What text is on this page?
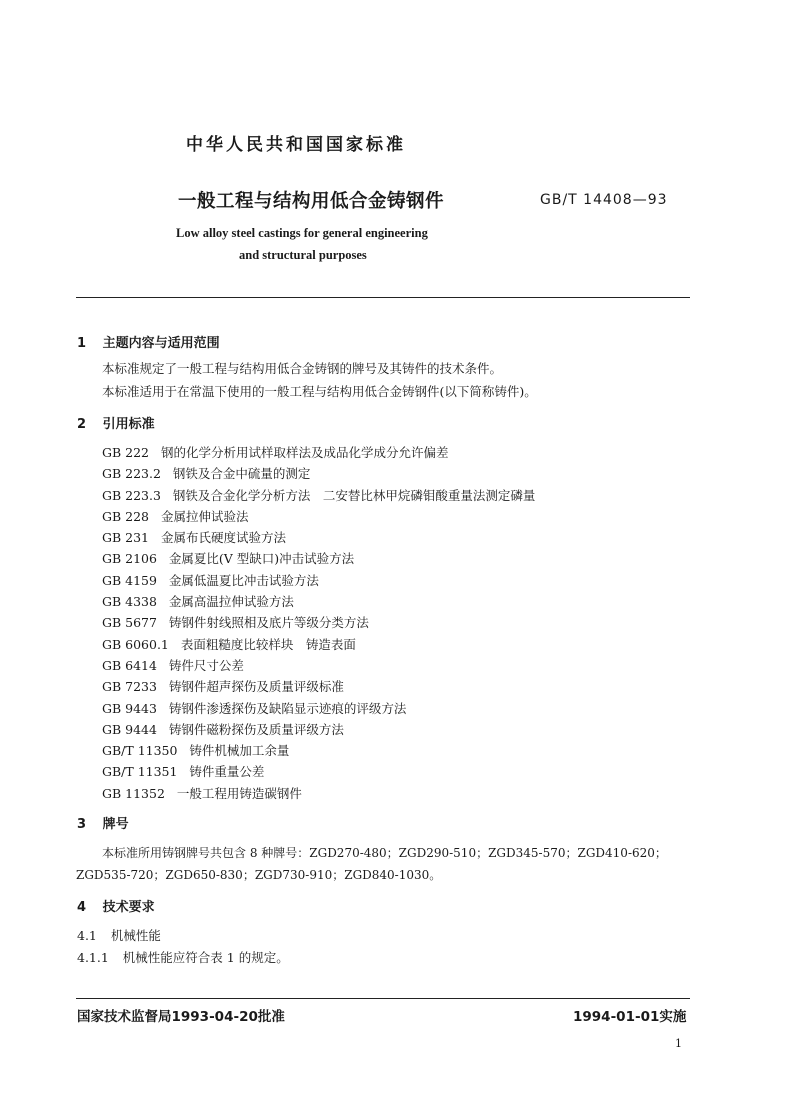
中华人民共和国国家标准
一般工程与结构用低合金铸钢件	GB/T 14408—93
Low alloy steel castings for general engineering
and structural purposes
1 主题内容与适用范围
本标准规定了一般工程与结构用低合金铸钢的牌号及其铸件的技术条件。
本标准适用于在常温下使用的一般工程与结构用低合金铸钢件(以下简称铸件)。
2 引用标准
GB 222 钢的化学分析用试样取样法及成品化学成分允许偏差
GB 223.2 钢铁及合金中硫量的测定
GB 223.3 钢铁及合金化学分析方法　二安替比林甲烷磷钼酸重量法测定磷量
GB 228 金属拉伸试验法
GB 231 金属布氏硬度试验方法
GB 2106 金属夏比(V 型缺口)冲击试验方法
GB 4159 金属低温夏比冲击试验方法
GB 4338 金属高温拉伸试验方法
GB 5677 铸钢件射线照相及底片等级分类方法
GB 6060.1 表面粗糙度比较样块　铸造表面
GB 6414 铸件尺寸公差
GB 7233 铸钢件超声探伤及质量评级标准
GB 9443 铸钢件渗透探伤及缺陷显示迹痕的评级方法
GB 9444 铸钢件磁粉探伤及质量评级方法
GB/T 11350 铸件机械加工余量
GB/T 11351 铸件重量公差
GB 11352 一般工程用铸造碳钢件
3 牌号
本标准所用铸钢牌号共包含 8 种牌号：ZGD270-480；ZGD290-510；ZGD345-570；ZGD410-620；
ZGD535-720；ZGD650-830；ZGD730-910；ZGD840-1030。
4 技术要求
4.1 机械性能
4.1.1 机械性能应符合表 1 的规定。
国家技术监督局1993-04-20批准	1994-01-01实施
1
